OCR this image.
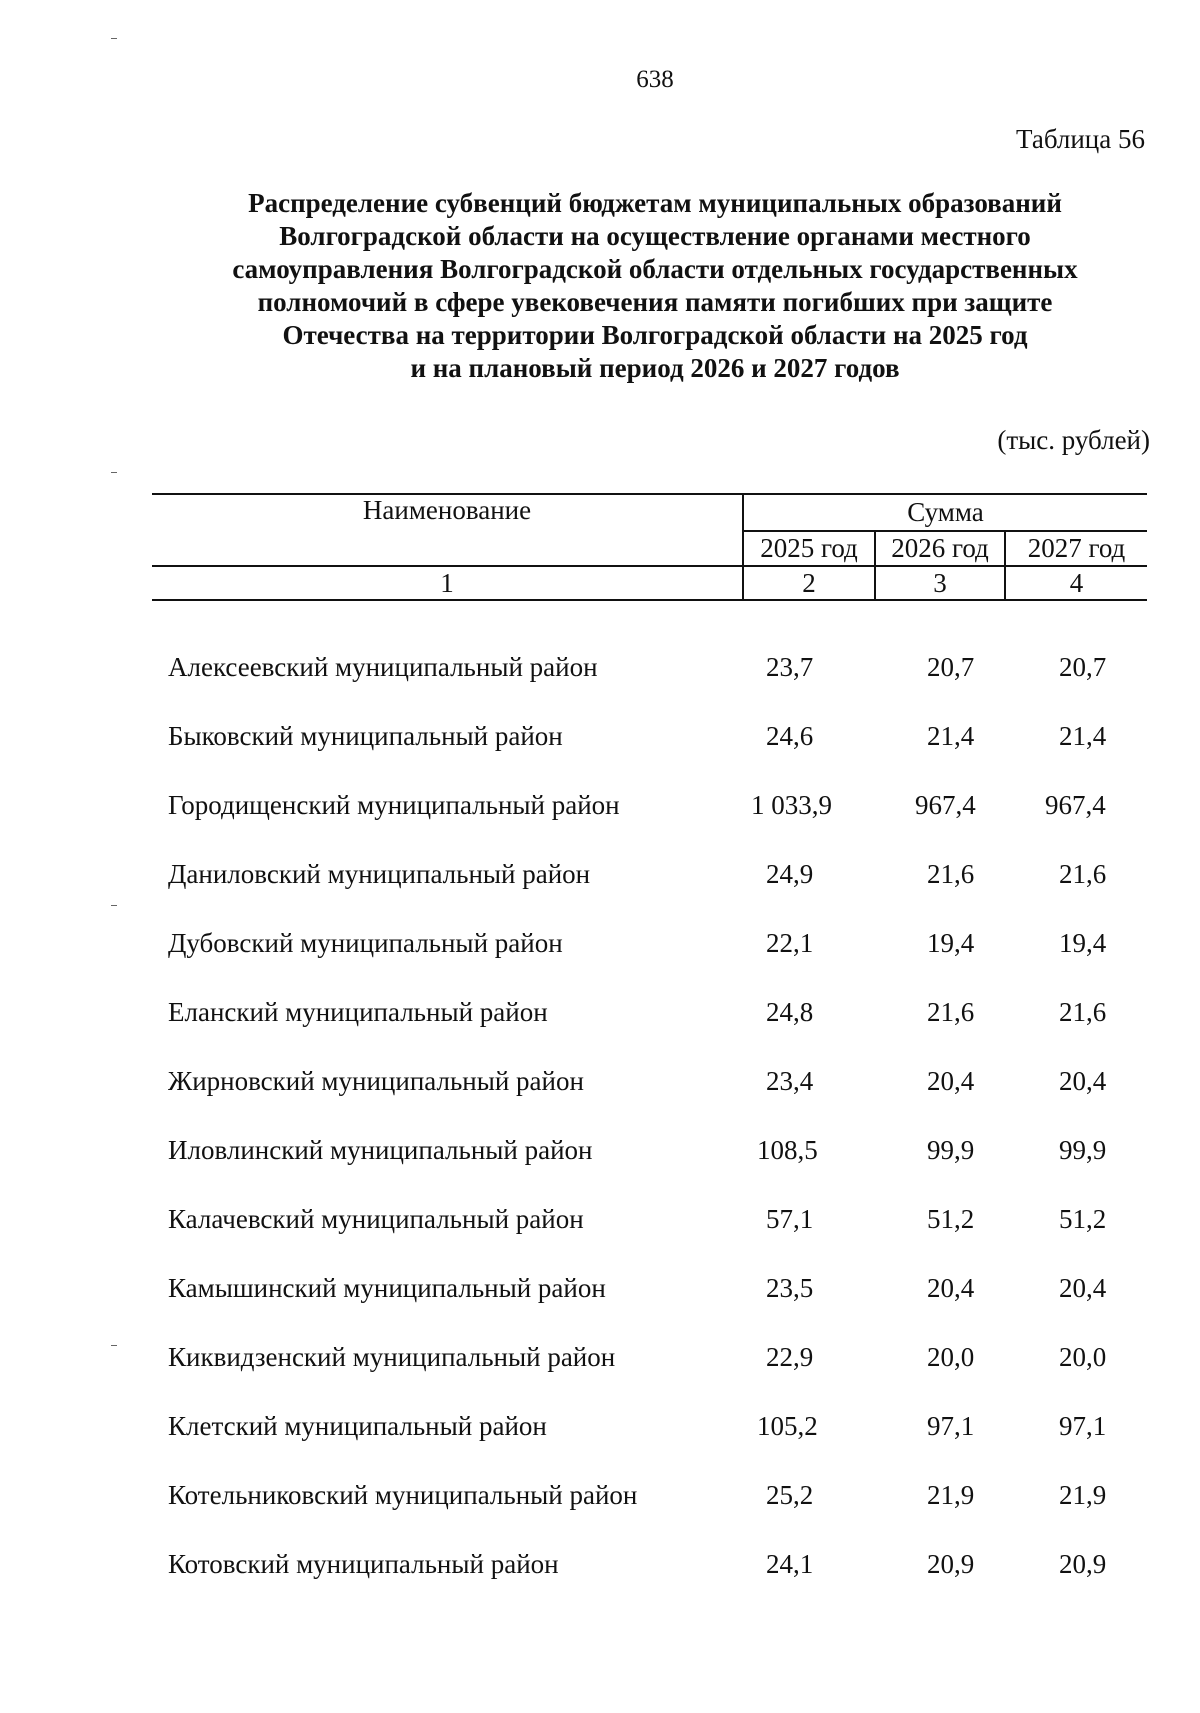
638
Таблица 56
Распределение субвенций бюджетам муниципальных образований
Волгоградской области на осуществление органами местного
самоуправления Волгоградской области отдельных государственных
полномочий в сфере увековечения памяти погибших при защите
Отечества на территории Волгоградской области на 2025 год
и на плановый период 2026 и 2027 годов
(тыс. рублей)
Наименование	Сумма		
	2025 год	2026 год	2027 год
1	2	3	4

Алексеевский муниципальный район	23,7	20,7	20,7
Быковский муниципальный район	24,6	21,4	21,4
Городищенский муниципальный район	1 033,9	967,4	967,4
Даниловский муниципальный район	24,9	21,6	21,6
Дубовский муниципальный район	22,1	19,4	19,4
Еланский муниципальный район	24,8	21,6	21,6
Жирновский муниципальный район	23,4	20,4	20,4
Иловлинский муниципальный район	108,5	99,9	99,9
Калачевский муниципальный район	57,1	51,2	51,2
Камышинский муниципальный район	23,5	20,4	20,4
Киквидзенский муниципальный район	22,9	20,0	20,0
Клетский муниципальный район	105,2	97,1	97,1
Котельниковский муниципальный район	25,2	21,9	21,9
Котовский муниципальный район	24,1	20,9	20,9
